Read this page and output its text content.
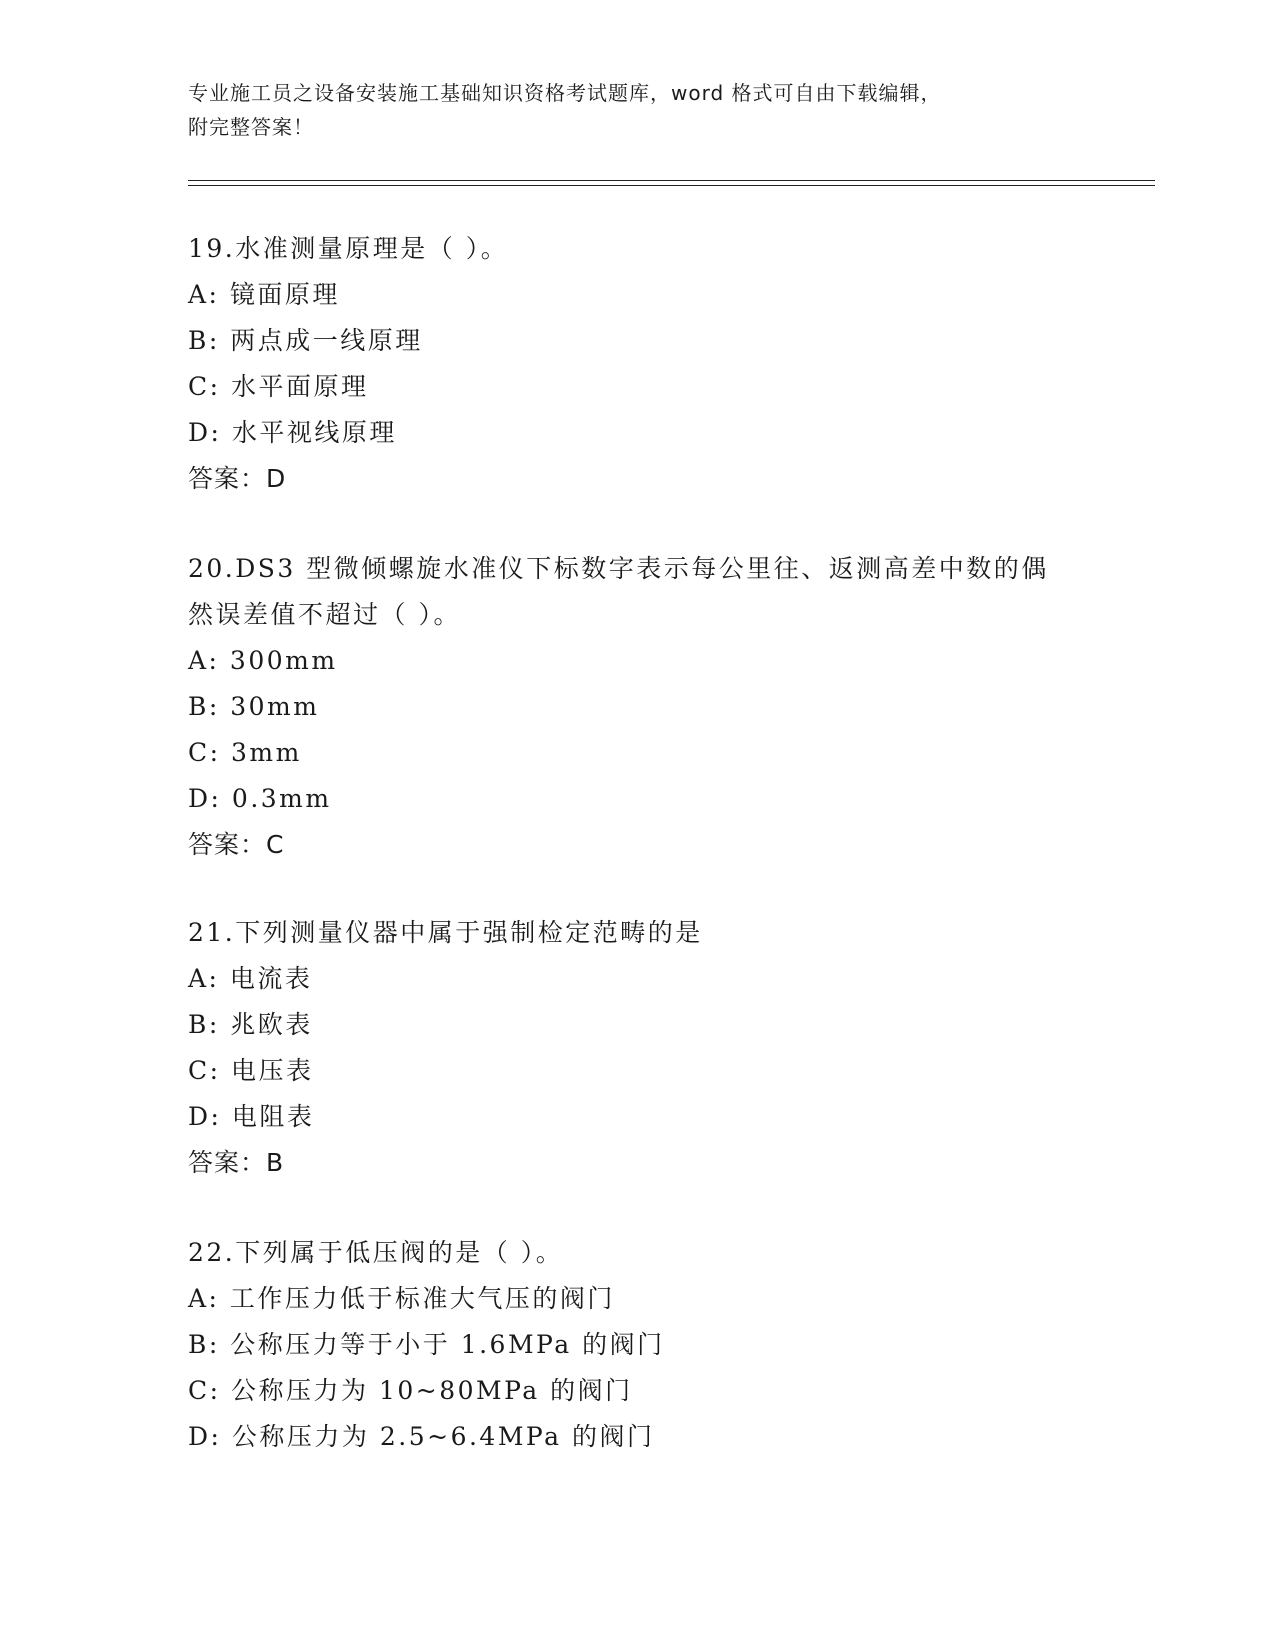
专业施工员之设备安装施工基础知识资格考试题库，word 格式可自由下载编辑，
附完整答案！
19.水准测量原理是（ ）。
A: 镜面原理
B: 两点成一线原理
C: 水平面原理
D: 水平视线原理
答案：D
20.DS3 型微倾螺旋水准仪下标数字表示每公里往、返测高差中数的偶
然误差值不超过（ ）。
A: 300mm
B: 30mm
C: 3mm
D: 0.3mm
答案：C
21.下列测量仪器中属于强制检定范畴的是
A: 电流表
B: 兆欧表
C: 电压表
D: 电阻表
答案：B
22.下列属于低压阀的是（ ）。
A: 工作压力低于标准大气压的阀门
B: 公称压力等于小于 1.6MPa 的阀门
C: 公称压力为 10~80MPa 的阀门
D: 公称压力为 2.5~6.4MPa 的阀门
